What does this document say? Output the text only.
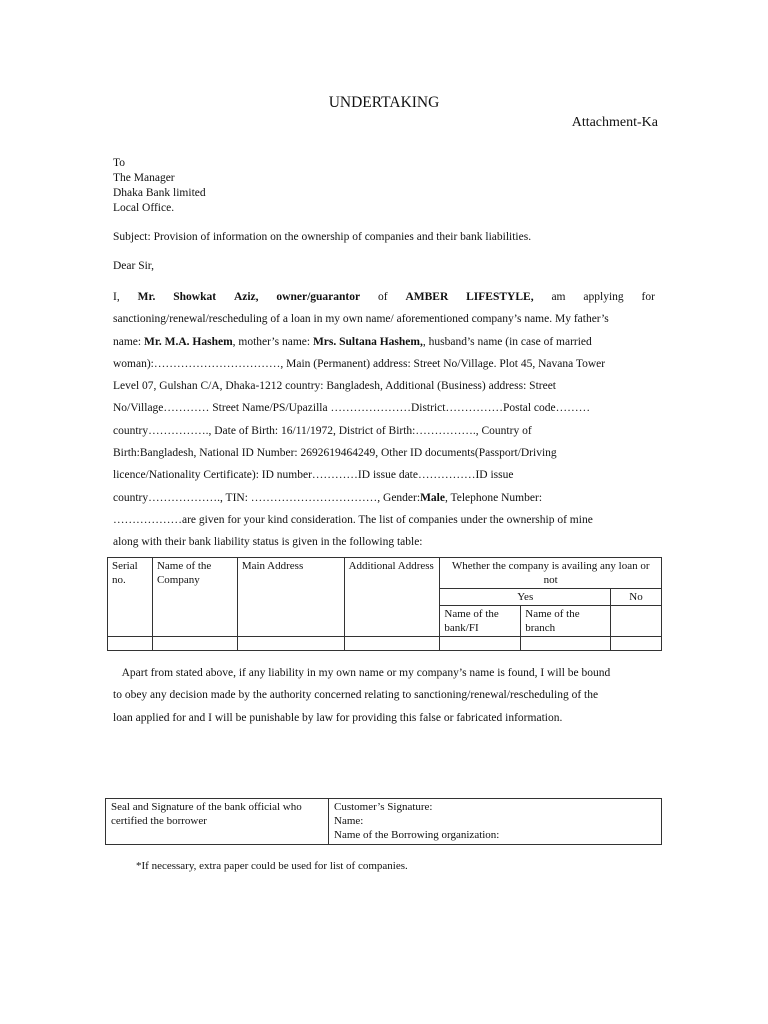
UNDERTAKING
Attachment-Ka
To
The Manager
Dhaka Bank limited
Local Office.
Subject: Provision of information on the ownership of companies and their bank liabilities.
Dear Sir,
I, Mr. Showkat Aziz, owner/guarantor of AMBER LIFESTYLE, am applying for
sanctioning/renewal/rescheduling of a loan in my own name/ aforementioned company’s name. My father’s
name:
Mr. M.A. Hashem , mother’s name:
Mrs. Sultana Hashem, , husband’s name (in case of married
woman):……………………………, Main (Permanent) address: Street No/Village. Plot 45, Navana Tower
Level 07, Gulshan C/A, Dhaka-1212 country: Bangladesh, Additional (Business) address: Street
No/Village………… Street Name/PS/Upazilla …………………District……………Postal code………
country……………., Date of Birth: 16/11/1972, District of Birth:……………., Country of
Birth:Bangladesh, National ID Number: 2692619464249, Other ID documents(Passport/Driving
licence/Nationality Certificate): ID number…………ID issue date……………ID issue
country………………., TIN: ……………………………, Gender: Male , Telephone Number:
………………are given for your kind consideration. The list of companies under the ownership of mine
along with their bank liability status is given in the following table:
Serial no.	Name of the Company	Main Address	Additional Address	Whether the company is availing any loan or not		
				Yes		No
				Name of the bank/FI	Name of the branch	

Apart from stated above, if any liability in my own name or my company’s name is found, I will be bound
to obey any decision made by the authority concerned relating to sanctioning/renewal/rescheduling of the
loan applied for and I will be punishable by law for providing this false or fabricated information.
Seal and Signature of the bank official who certified the borrower	
Customer’s Signature:
Name:
Name of the Borrowing organization:
*If necessary, extra paper could be used for list of companies.
